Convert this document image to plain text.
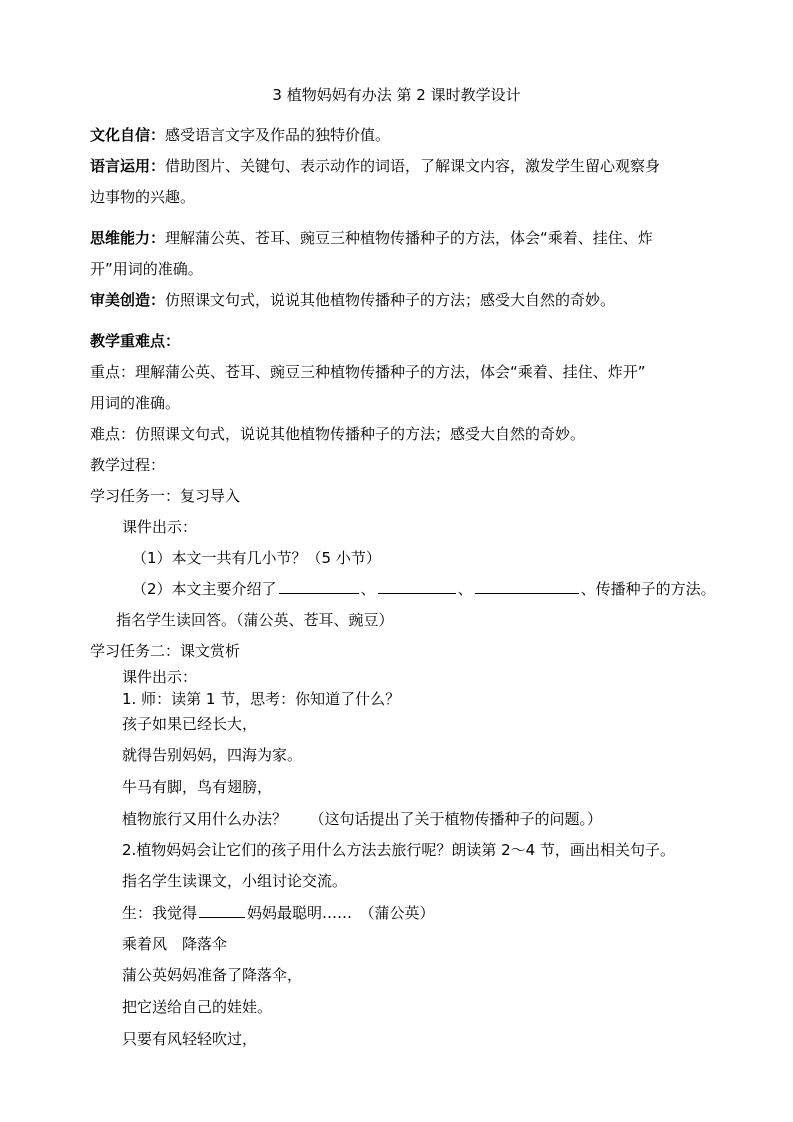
3 植物妈妈有办法 第 2 课时教学设计
文化自信：感受语言文字及作品的独特价值。
语言运用：借助图片、关键句、表示动作的词语，了解课文内容，激发学生留心观察身
边事物的兴趣。
思维能力：理解蒲公英、苍耳、豌豆三种植物传播种子的方法，体会“乘着、挂住、炸
开”用词的准确。
审美创造：仿照课文句式，说说其他植物传播种子的方法；感受大自然的奇妙。
教学重难点：
重点：理解蒲公英、苍耳、豌豆三种植物传播种子的方法，体会“乘着、挂住、炸开”
用词的准确。
难点：仿照课文句式，说说其他植物传播种子的方法；感受大自然的奇妙。
教学过程：
学习任务一：复习导入
课件出示：
（1）本文一共有几小节？（5 小节）
（2）本文主要介绍了	、	、	、传播种子的方法。
指名学生读回答。（蒲公英、苍耳、豌豆）
学习任务二：课文赏析
课件出示：
1. 师：读第 1 节，思考：你知道了什么？
孩子如果已经长大，
就得告别妈妈，四海为家。
牛马有脚，鸟有翅膀，
植物旅行又用什么办法？　　（这句话提出了关于植物传播种子的问题。）
2.植物妈妈会让它们的孩子用什么方法去旅行呢？朗读第 2～4 节，画出相关句子。
指名学生读课文，小组讨论交流。
生：我觉得	妈妈最聪明……　（蒲公英）
乘着风　降落伞
蒲公英妈妈准备了降落伞，
把它送给自己的娃娃。
只要有风轻轻吹过，
